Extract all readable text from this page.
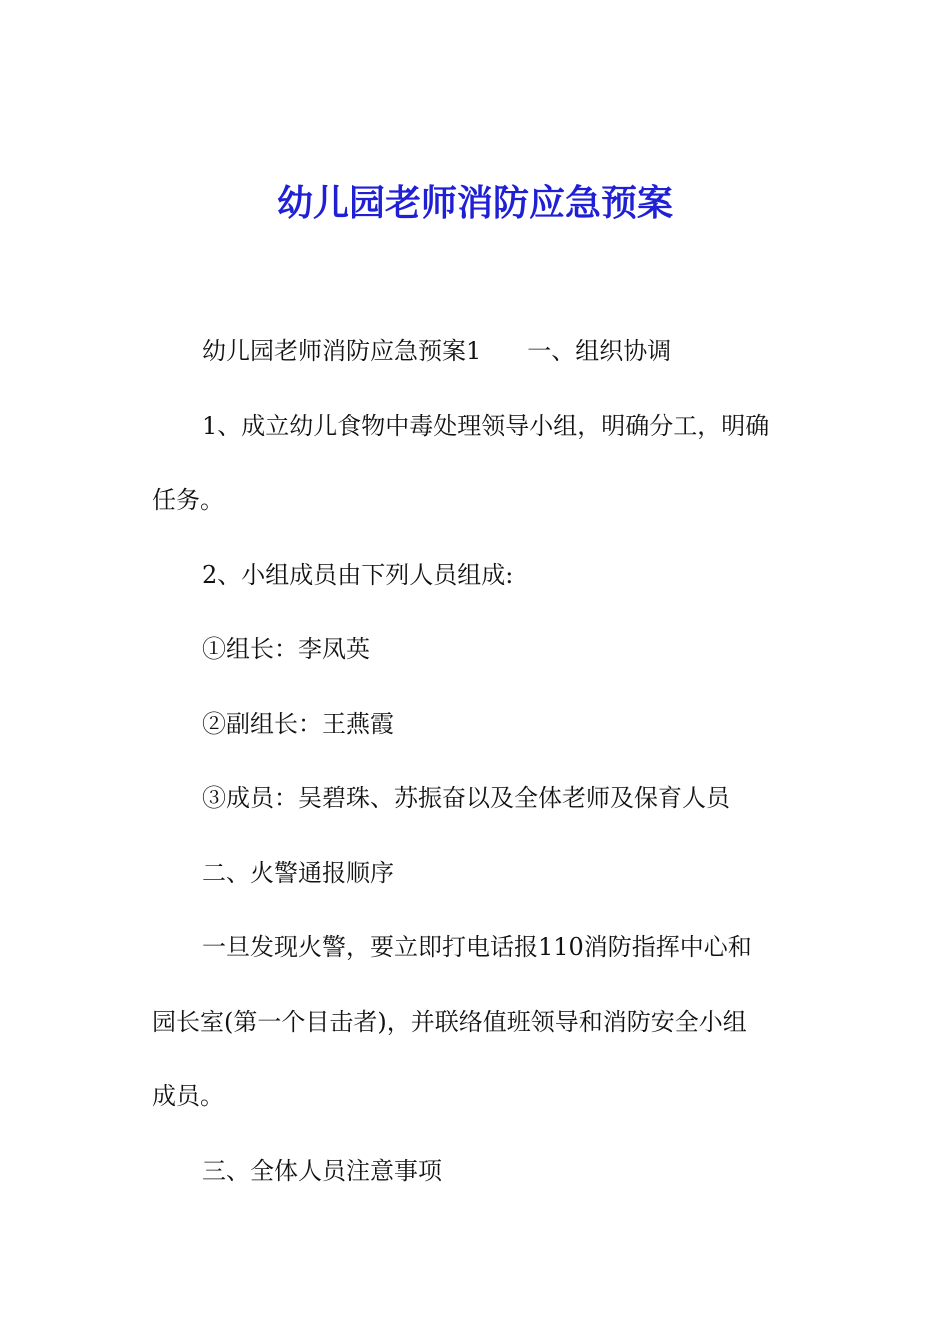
幼儿园老师消防应急预案
幼儿园老师消防应急预案1 一、组织协调
1、成立幼儿食物中毒处理领导小组，明确分工，明确
任务。
2、小组成员由下列人员组成:
①组长：李凤英
②副组长：王燕霞
③成员：吴碧珠、苏振奋以及全体老师及保育人员
二、火警通报顺序
一旦发现火警，要立即打电话报110消防指挥中心和
园长室(第一个目击者)，并联络值班领导和消防安全小组
成员。
三、全体人员注意事项
